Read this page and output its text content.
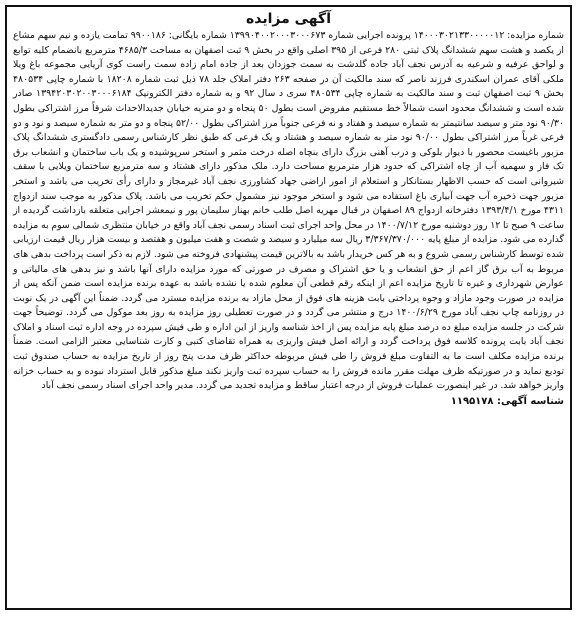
آگهی مزایده

شماره مزایده: ۱۴۰۰۰۳۰۲۱۳۳۰۰۰۰۰۱۲ پرونده اجرایی شماره ۱۳۹۹۰۴۰۰۲۰۰۰۳۰۰۰۶۷۳ شماره بایگانی: ۹۹۰۰۱۸۶ تمامت یازده و نیم سهم مشاع از یکصد و هشت سهم ششدانگ پلاک ثبتی ۲۸۰ فرعی از ۳۹۵ اصلی واقع در بخش ۹ ثبت اصفهان به مساحت ۴۶۸۵/۳ مترمربع بانضمام کلیه توابع و لواحق عرفیه و شرعیه به آدرس نجف آباد جاده گلدشت به سمت جوزدان بعد از جاده امام زاده سمت راست کوی آریایی مجموعه باغ ویلا ملکی آقای عمران اسکندری فرزند ناصر که سند مالکیت آن در صفحه ۲۶۳ دفتر املاک جلد ۷۸ ذیل ثبت شماره ۱۸۲۰۸ با شماره چاپی ۴۸۰۵۳۴ بخش ۹ ثبت اصفهان ثبت و سند مالکیت به شماره چاپی ۴۸۰۵۳۴ سری د سال ۹۲ و به شماره دفتر الکترونیک ۱۳۹۴۲۰۳۰۲۰۰۳۰۰۰۶۱۸۴ صادر شده است و ششدانگ محدود است شمالاً خط مستقیم مفروض است بطول ۵۰ پنجاه و دو متریه خیابان جدیدالاحداث شرقاً مرز اشتراکی بطول ۹۰/۳۰ نود متر و سیصد سانتیمتر به شماره سیصد و هفتاد و نه فرعی جنوباً مرز اشتراکی بطول ۵۲/۰۰ پنجاه و دو متر به شماره سیصد و نود و دو فرعی غرباً مرز اشتراکی بطول ۹۰/۰۰ نود متر به شماره سیصد و هشتاد و یک فرعی که طبق نظر کارشناس رسمی دادگستری ششدانگ پلاک مزبور باغیست محصور با دیوار بلوکی و درب آهنی بزرگ دارای بنچاه اصله درخت مثمر و استخر سرپوشیده و یک باب ساختمان و انشعاب برق تک فاز و سهمیه آب از چاه اشتراکی که حدود هزار مترمربع مساحت دارد. ملک مذکور دارای هشتاد و سه مترمربع ساختمان ویلایی با سقف شیروانی است که حسب الاظهار بستانکار و استعلام از امور اراضی جهاد کشاورزی نجف آباد غیرمجاز و دارای رأی تخریب می باشد و استخر مزبور جهت ذخیره آب جهت آبیاری باغ استفاده می شود و استخر موجود نیز مشمول حکم تخریب می باشد. پلاک مذکور به موجب سند ازدواج ۴۳۱۱ مورخ ۱۳۹۳/۴/۱ دفترخانه ازدواج ۸۹ اصفهان در قبال مهریه اصل طلب خانم بهناز سلیمان پور و نیمعشر اجرایی متعلقه بازداشت گردیده از ساعت ۹ صبح تا ۱۲ روز دوشنبه مورخ ۱۴۰۰/۷/۱۲ در محل واحد اجرای ثبت اسناد رسمی نجف آباد واقع در خیابان منتظری شمالی سوم به مزایده گذارده می شود. مزایده از مبلغ پایه ۳/۳۶۷/۳۷۰/۰۰۰ ریال سه میلیارد و سیصد و شصت و هفت میلیون و هفتصد و بیست هزار ریال قیمت ارزیابی شده توسط کارشناس رسمی شروع و به هر کس خریدار باشد به بالاترین قیمت پیشنهادی فروخته می شود. لازم به ذکر است پرداخت بدهی های مربوط به آب برق گاز اعم از حق انشعاب و یا حق اشتراک و مصرف در صورتی که مورد مزایده دارای آنها باشد و نیز بدهی های مالیاتی و عوارض شهرداری و غیره تا تاریخ مزایده اعم از اینکه رقم قطعی آن معلوم شده یا نشده باشد به عهده برنده مزایده است ضمن آنکه پس از مزایده در صورت وجود مازاد و وجوه پرداختی بابت هزینه های فوق از محل مازاد به برنده مزایده مسترد می گردد. ضمناً این آگهی در یک نوبت در روزنامه چاپ نجف آباد مورخ ۱۴۰۰/۶/۲۹ درج و منتشر می گردد و در صورت تعطیلی روز مزایده به روز بعد موکول می گردد. توضیحاً جهت شرکت در جلسه مزایده مبلغ ده درصد مبلغ پایه مزایده پس از اخذ شناسه واریز از این اداره و طی فیش سپرده در وجه اداره ثبت اسناد و املاک نجف آباد بابت پرونده کلاسه فوق پرداخت گردد و ارائه اصل فیش واریزی به همراه تقاضای کتبی و کارت شناسایی معتبر الزامی است. ضمناً برنده مزایده مکلف است ما به التفاوت مبلغ فروش را طی فیش مربوطه حداکثر ظرف مدت پنج روز از تاریخ مزایده به حساب صندوق ثبت تودیع نماید و در صورتیکه ظرف مهلت مقرر مانده فروش را به حساب سپرده ثبت واریز نکند مبلغ مذکور قابل استرداد نبوده و به حساب خزانه واریز خواهد شد. در غیر اینصورت عملیات فروش از درجه اعتبار ساقط و مزایده تجدید می گردد. مدیر واحد اجرای اسناد رسمی نجف آباد

شناسه آگهی: ۱۱۹۵۱۷۸
